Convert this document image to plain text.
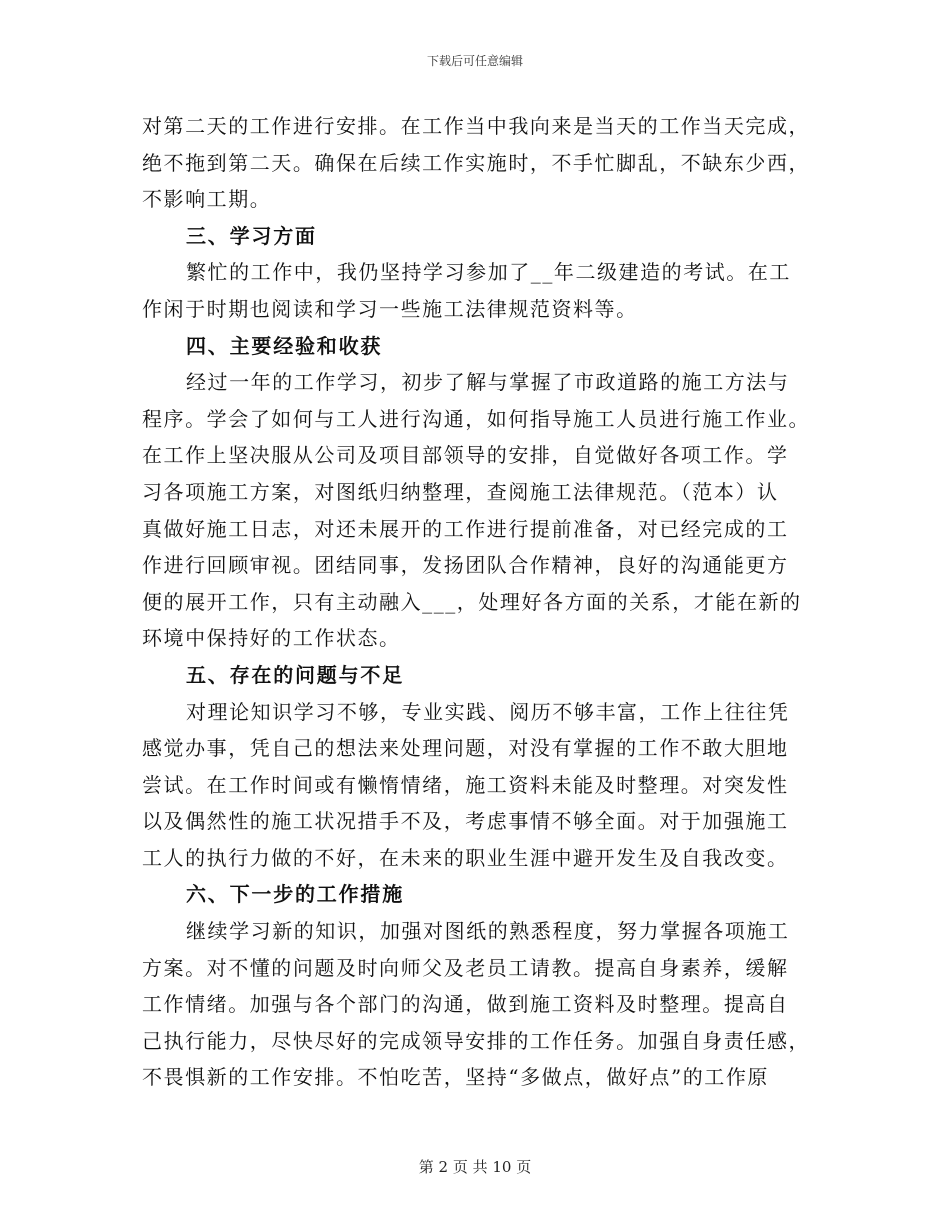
下载后可任意编辑
对第二天的工作进行安排。在工作当中我向来是当天的工作当天完成，
绝不拖到第二天。确保在后续工作实施时，不手忙脚乱，不缺东少西，
不影响工期。
三、学习方面
繁忙的工作中，我仍坚持学习参加了__年二级建造的考试。在工
作闲于时期也阅读和学习一些施工法律规范资料等。
四、主要经验和收获
经过一年的工作学习，初步了解与掌握了市政道路的施工方法与
程序。学会了如何与工人进行沟通，如何指导施工人员进行施工作业。
在工作上坚决服从公司及项目部领导的安排，自觉做好各项工作。学
习各项施工方案，对图纸归纳整理，查阅施工法律规范。（范本）认
真做好施工日志，对还未展开的工作进行提前准备，对已经完成的工
作进行回顾审视。团结同事，发扬团队合作精神，良好的沟通能更方
便的展开工作，只有主动融入___，处理好各方面的关系，才能在新的
环境中保持好的工作状态。
五、存在的问题与不足
对理论知识学习不够，专业实践、阅历不够丰富，工作上往往凭
感觉办事，凭自己的想法来处理问题，对没有掌握的工作不敢大胆地
尝试。在工作时间或有懒惰情绪，施工资料未能及时整理。对突发性
以及偶然性的施工状况措手不及，考虑事情不够全面。对于加强施工
工人的执行力做的不好，在未来的职业生涯中避开发生及自我改变。
六、下一步的工作措施
继续学习新的知识，加强对图纸的熟悉程度，努力掌握各项施工
方案。对不懂的问题及时向师父及老员工请教。提高自身素养，缓解
工作情绪。加强与各个部门的沟通，做到施工资料及时整理。提高自
己执行能力，尽快尽好的完成领导安排的工作任务。加强自身责任感，
不畏惧新的工作安排。不怕吃苦，坚持“多做点，做好点”的工作原
第 2 页 共 10 页
